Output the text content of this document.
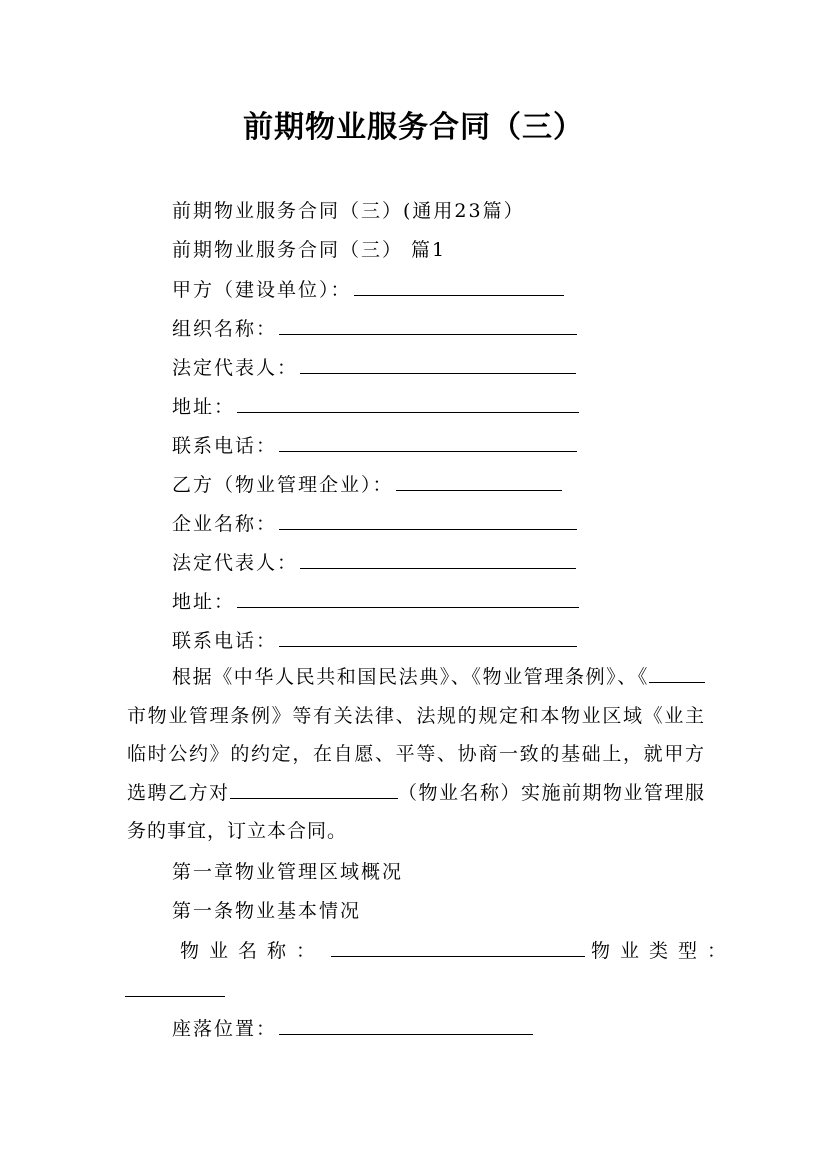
前期物业服务合同（三）
前期物业服务合同（三）(通用23篇）
前期物业服务合同（三） 篇1
甲方（建设单位）：
组织名称：
法定代表人：
地址：
联系电话：
乙方（物业管理企业）：
企业名称：
法定代表人：
地址：
联系电话：
根据《中华人民共和国民法典》、《物业管理条例》、《市物业管理条例》等有关法律、法规的规定和本物业区域《业主临时公约》的约定，在自愿、平等、协商一致的基础上，就甲方选聘乙方对	（物业名称）实施前期物业管理服务的事宜，订立本合同。
第一章物业管理区域概况
第一条物业基本情况
物业名称：	物业类型：
座落位置：
